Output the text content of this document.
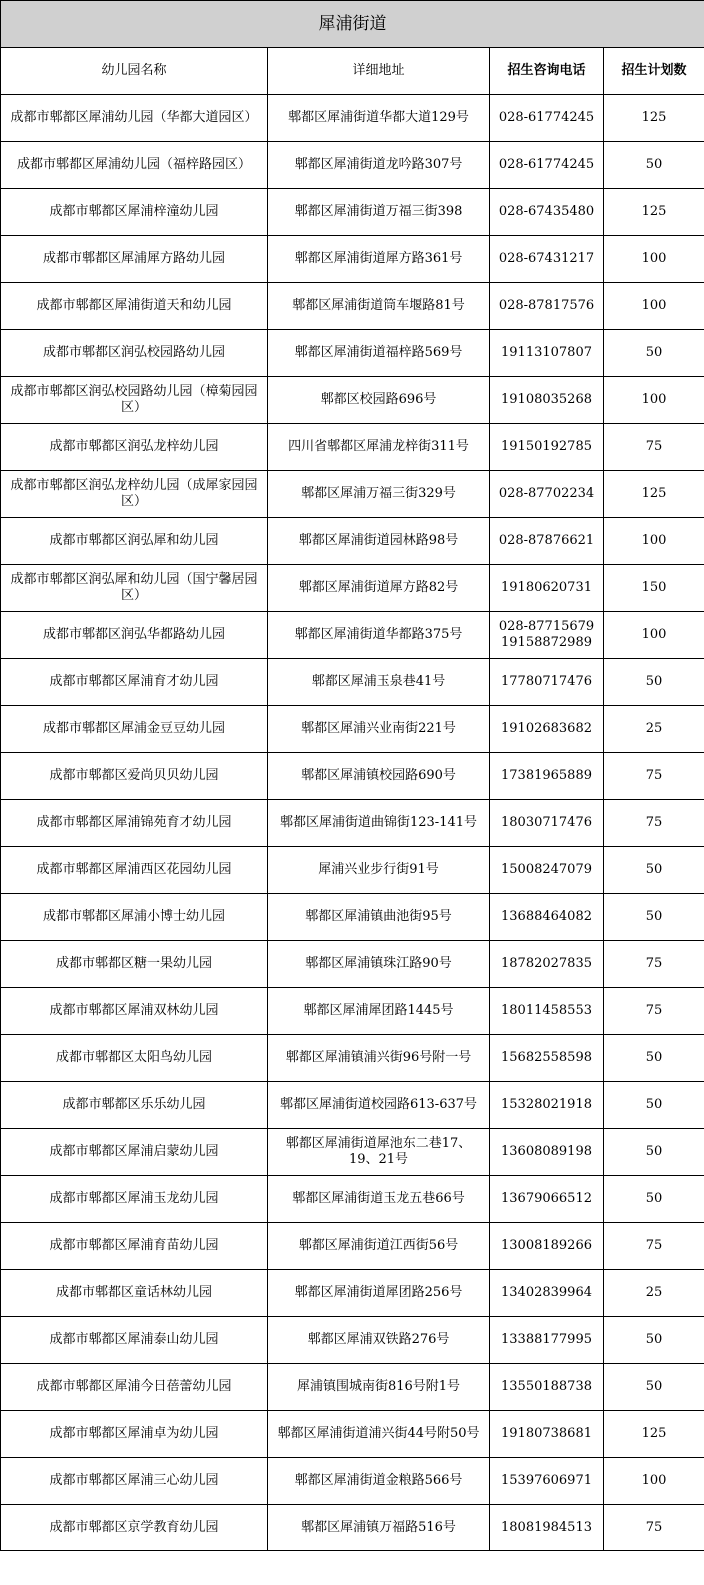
犀浦街道			
幼儿园名称	详细地址	招生咨询电话	招生计划数
成都市郫都区犀浦幼儿园（华都大道园区）	郫都区犀浦街道华都大道129号	028-61774245	125
成都市郫都区犀浦幼儿园（福梓路园区）	郫都区犀浦街道龙吟路307号	028-61774245	50
成都市郫都区犀浦梓潼幼儿园	郫都区犀浦街道万福三街398	028-67435480	125
成都市郫都区犀浦犀方路幼儿园	郫都区犀浦街道犀方路361号	028-67431217	100
成都市郫都区犀浦街道天和幼儿园	郫都区犀浦街道筒车堰路81号	028-87817576	100
成都市郫都区润弘校园路幼儿园	郫都区犀浦街道福梓路569号	19113107807	50
成都市郫都区润弘校园路幼儿园（樟菊园园区）	郫都区校园路696号	19108035268	100
成都市郫都区润弘龙梓幼儿园	四川省郫都区犀浦龙梓街311号	19150192785	75
成都市郫都区润弘龙梓幼儿园（成犀家园园区）	郫都区犀浦万福三街329号	028-87702234	125
成都市郫都区润弘犀和幼儿园	郫都区犀浦街道园林路98号	028-87876621	100
成都市郫都区润弘犀和幼儿园（国宁馨居园区）	郫都区犀浦街道犀方路82号	19180620731	150
成都市郫都区润弘华都路幼儿园	郫都区犀浦街道华都路375号	028-87715679 19158872989	100
成都市郫都区犀浦育才幼儿园	郫都区犀浦玉泉巷41号	17780717476	50
成都市郫都区犀浦金豆豆幼儿园	郫都区犀浦兴业南街221号	19102683682	25
成都市郫都区爱尚贝贝幼儿园	郫都区犀浦镇校园路690号	17381965889	75
成都市郫都区犀浦锦苑育才幼儿园	郫都区犀浦街道曲锦街123-141号	18030717476	75
成都市郫都区犀浦西区花园幼儿园	犀浦兴业步行街91号	15008247079	50
成都市郫都区犀浦小博士幼儿园	郫都区犀浦镇曲池街95号	13688464082	50
成都市郫都区糖一果幼儿园	郫都区犀浦镇珠江路90号	18782027835	75
成都市郫都区犀浦双林幼儿园	郫都区犀浦犀团路1445号	18011458553	75
成都市郫都区太阳鸟幼儿园	郫都区犀浦镇浦兴街96号附一号	15682558598	50
成都市郫都区乐乐幼儿园	郫都区犀浦街道校园路613-637号	15328021918	50
成都市郫都区犀浦启蒙幼儿园	郫都区犀浦街道犀池东二巷17、19、21号	13608089198	50
成都市郫都区犀浦玉龙幼儿园	郫都区犀浦街道玉龙五巷66号	13679066512	50
成都市郫都区犀浦育苗幼儿园	郫都区犀浦街道江西街56号	13008189266	75
成都市郫都区童话林幼儿园	郫都区犀浦街道犀团路256号	13402839964	25
成都市郫都区犀浦泰山幼儿园	郫都区犀浦双铁路276号	13388177995	50
成都市郫都区犀浦今日蓓蕾幼儿园	犀浦镇围城南街816号附1号	13550188738	50
成都市郫都区犀浦卓为幼儿园	郫都区犀浦街道浦兴街44号附50号	19180738681	125
成都市郫都区犀浦三心幼儿园	郫都区犀浦街道金粮路566号	15397606971	100
成都市郫都区京学教育幼儿园	郫都区犀浦镇万福路516号	18081984513	75
